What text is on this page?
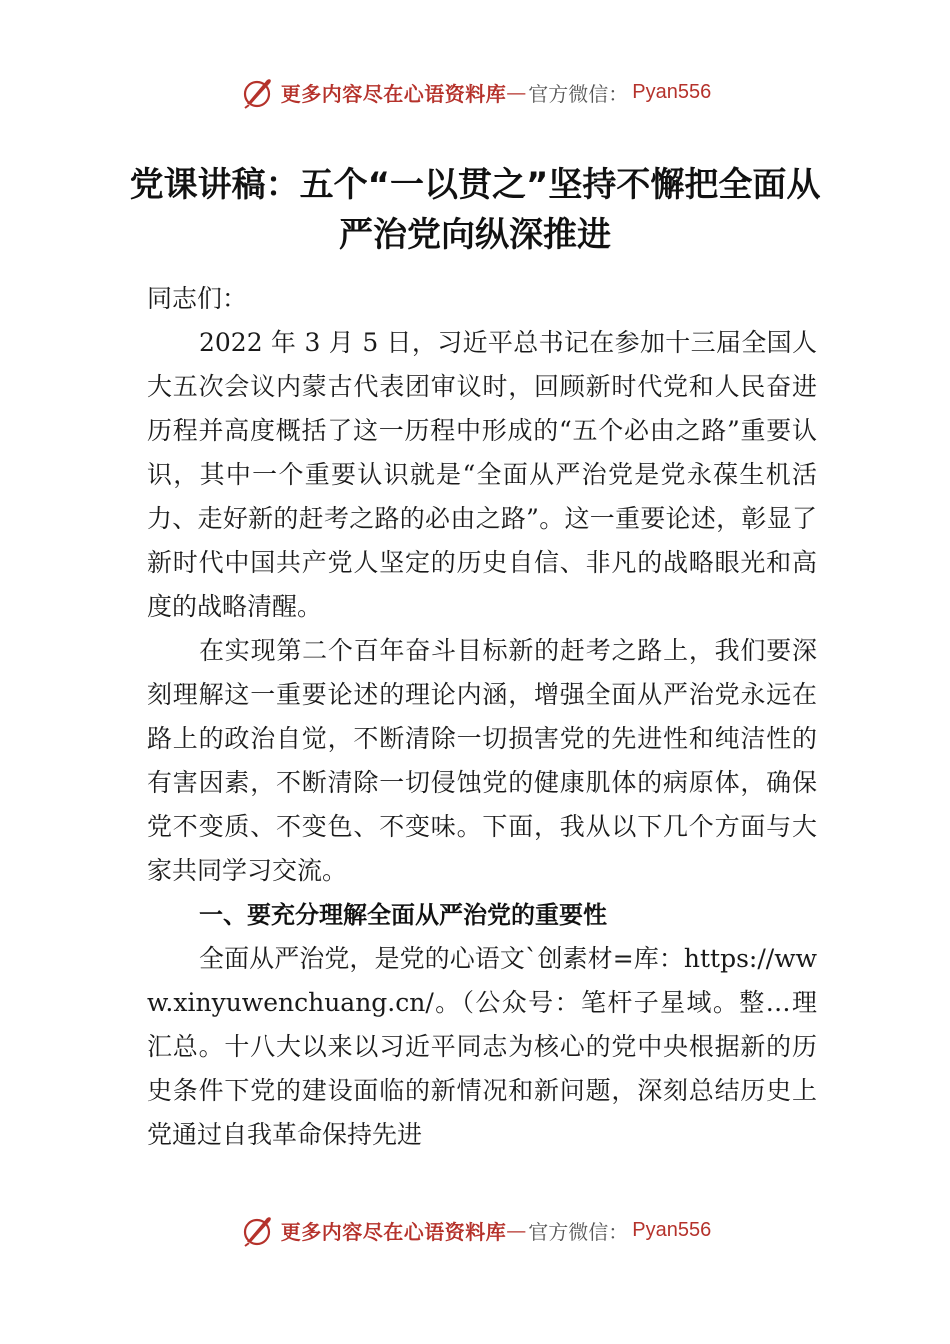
更多内容尽在心语资料库 — 官方微信： Pyan556
党课讲稿：五个“一以贯之”坚持不懈把全面从严治党向纵深推进

同志们：

2022 年 3 月 5 日，习近平总书记在参加十三届全国人大五次会议内蒙古代表团审议时，回顾新时代党和人民奋进历程并高度概括了这一历程中形成的“五个必由之路”重要认识，其中一个重要认识就是“全面从严治党是党永葆生机活力、走好新的赶考之路的必由之路”。这一重要论述，彰显了新时代中国共产党人坚定的历史自信、非凡的战略眼光和高度的战略清醒。

在实现第二个百年奋斗目标新的赶考之路上，我们要深刻理解这一重要论述的理论内涵，增强全面从严治党永远在路上的政治自觉，不断清除一切损害党的先进性和纯洁性的有害因素，不断清除一切侵蚀党的健康肌体的病原体，确保党不变质、不变色、不变味。下面，我从以下几个方面与大家共同学习交流。

一、要充分理解全面从严治党的重要性

全面从严治党，是党的心语文`创素材=库：https://www.xinyuwenchuang.cn/。（公众号：笔杆子星域。整…理汇总。十八大以来以习近平同志为核心的党中央根据新的历史条件下党的建设面临的新情况和新问题，深刻总结历史上党通过自我革命保持先进

更多内容尽在心语资料库 — 官方微信： Pyan556
